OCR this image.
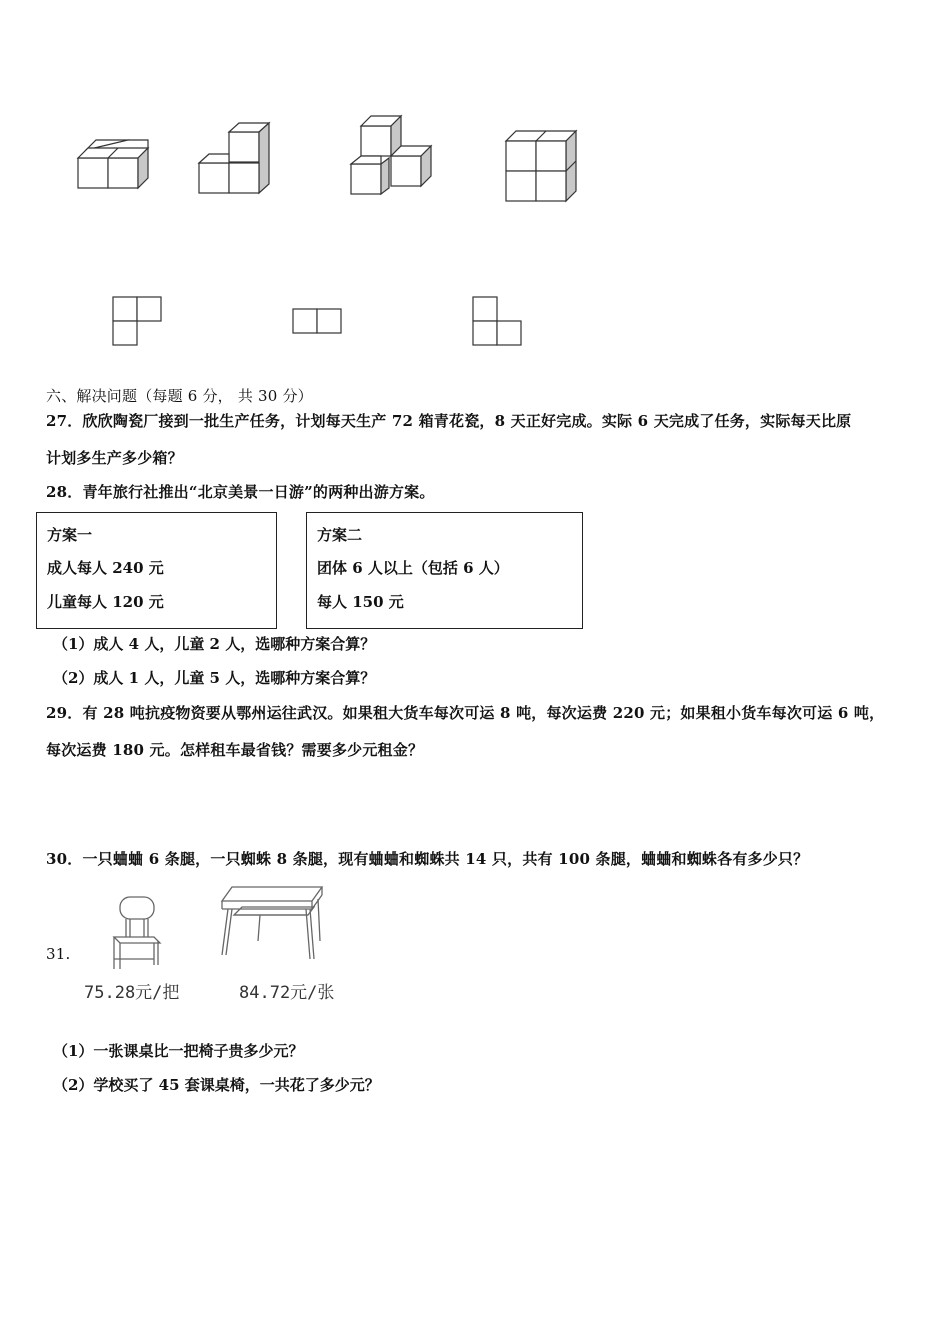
六、解决问题（每题 6 分， 共 30 分）
27．欣欣陶瓷厂接到一批生产任务，计划每天生产 72 箱青花瓷，8 天正好完成。实际 6 天完成了任务，实际每天比原
计划多生产多少箱？
28．青年旅行社推出“北京美景一日游”的两种出游方案。
方案一
成人每人 240 元
儿童每人 120 元
方案二
团体 6 人以上（包括 6 人）
每人 150 元
（1）成人 4 人，儿童 2 人，选哪种方案合算？
（2）成人 1 人，儿童 5 人，选哪种方案合算？
29．有 28 吨抗疫物资要从鄂州运往武汉。如果租大货车每次可运 8 吨，每次运费 220 元；如果租小货车每次可运 6 吨，
每次运费 180 元。怎样租车最省钱？需要多少元租金？
30．一只蛐蛐 6 条腿，一只蜘蛛 8 条腿，现有蛐蛐和蜘蛛共 14 只，共有 100 条腿，蛐蛐和蜘蛛各有多少只？
31.
75.28元/把	84.72元/张
（1）一张课桌比一把椅子贵多少元？
（2）学校买了 45 套课桌椅，一共花了多少元？
